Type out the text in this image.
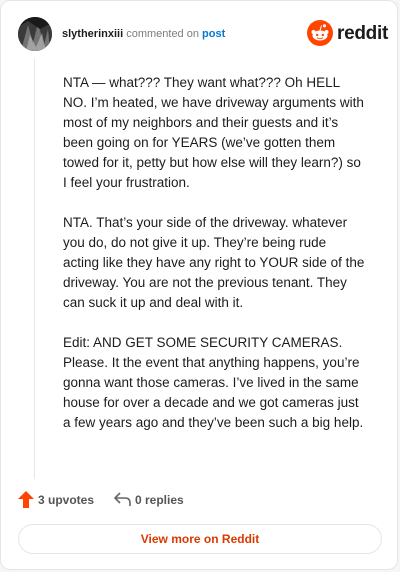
slytherinxiii commented on post	reddit

NTA — what??? They want what??? Oh HELL NO. I’m heated, we have driveway arguments with most of my neighbors and their guests and it’s been going on for YEARS (we’ve gotten them towed for it, petty but how else will they learn?) so I feel your frustration.

NTA. That’s your side of the driveway. whatever you do, do not give it up. They’re being rude acting like they have any right to YOUR side of the driveway. You are not the previous tenant. They can suck it up and deal with it.

Edit: AND GET SOME SECURITY CAMERAS. Please. It the event that anything happens, you’re gonna want those cameras. I’ve lived in the same house for over a decade and we got cameras just a few years ago and they’ve been such a big help.

3 upvotes	0 replies
View more on Reddit
